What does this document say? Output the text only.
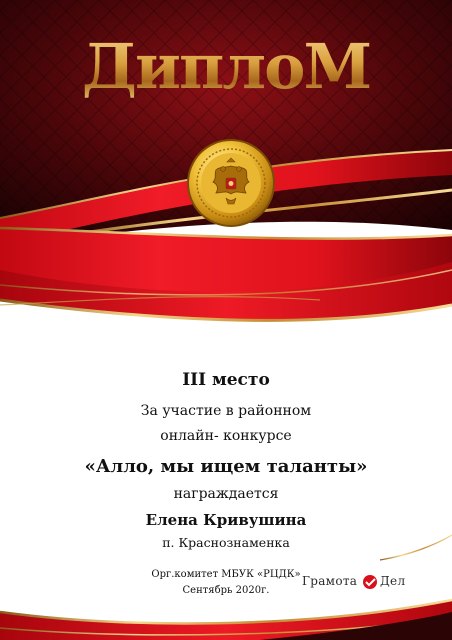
ДиплоМ
III место
За участие в районном
онлайн- конкурсе
«Алло, мы ищем таланты»
награждается
Елена Кривушина
п. Краснознаменка
Орг.комитет МБУК «РЦДК»
Сентябрь 2020г.
Грамота Дел
